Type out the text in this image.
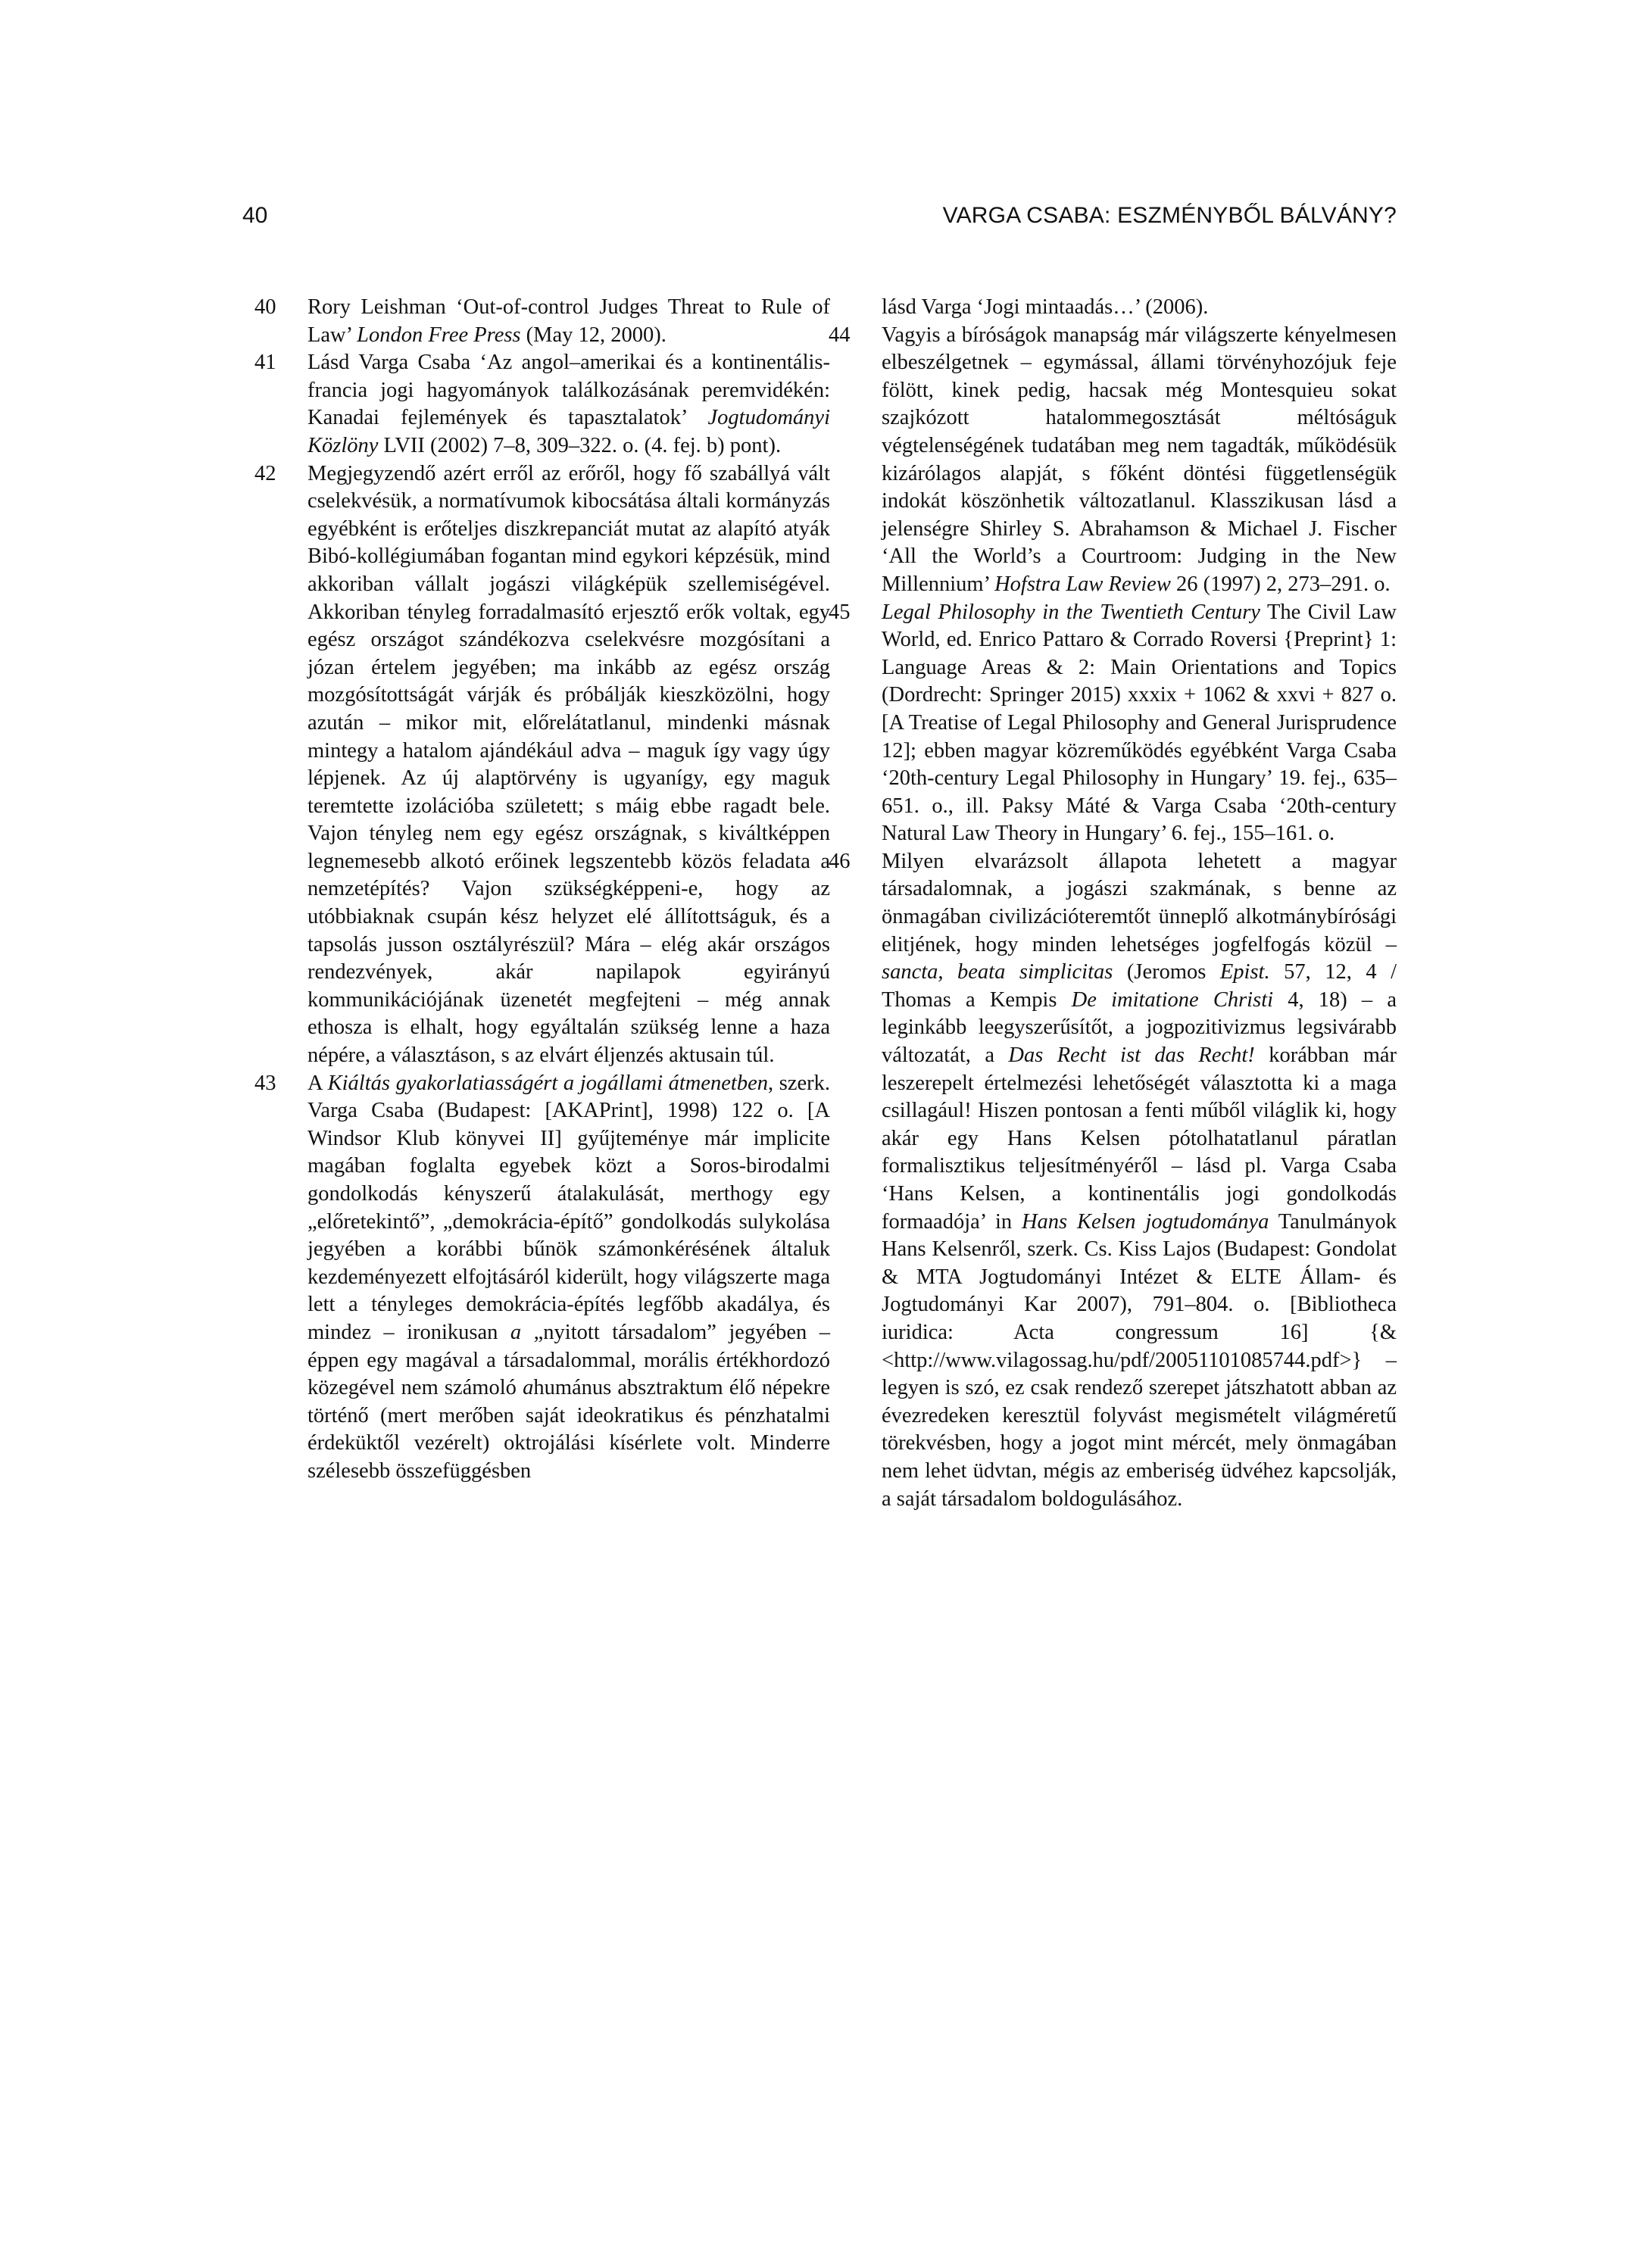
40	VARGA CSABA: ESZMÉNYBŐL BÁLVÁNY?

40	Rory Leishman ‘Out-of-control Judges Threat to Rule of Law’ London Free Press (May 12, 2000).

41	Lásd Varga Csaba ‘Az angol–amerikai és a kontinentális-francia jogi hagyományok találkozásának peremvidékén: Kanadai fejlemények és tapasztalatok’ Jogtudományi Közlöny LVII (2002) 7–8, 309–322. o. (4. fej. b) pont).

42	Megjegyzendő azért erről az erőről, hogy fő szabállyá vált cselekvésük, a normatívumok kibocsátása általi kormányzás egyébként is erőteljes diszkrepanciát mutat az alapító atyák Bibó-kollégiumában fogantan mind egykori képzésük, mind akkoriban vállalt jogászi világképük szellemiségével. Akkoriban tényleg forradalmasító erjesztő erők voltak, egy egész országot szándékozva cselekvésre mozgósítani a józan értelem jegyében; ma inkább az egész ország mozgósítottságát várják és próbálják kieszközölni, hogy azután – mikor mit, előrelátatlanul, mindenki másnak mintegy a hatalom ajándékául adva – maguk így vagy úgy lépjenek. Az új alaptörvény is ugyanígy, egy maguk teremtette izolációba született; s máig ebbe ragadt bele. Vajon tényleg nem egy egész országnak, s kiváltképpen legnemesebb alkotó erőinek legszentebb közös feladata a nemzetépítés? Vajon szükségképpeni-e, hogy az utóbbiaknak csupán kész helyzet elé állítottságuk, és a tapsolás jusson osztályrészül? Mára – elég akár országos rendezvények, akár napilapok egyirányú kommunikációjának üzenetét megfejteni – még annak ethosza is elhalt, hogy egyáltalán szükség lenne a haza népére, a választáson, s az elvárt éljenzés aktusain túl.

43	A Kiáltás gyakorlatiasságért a jogállami átmenetben, szerk. Varga Csaba (Budapest: [AKAPrint], 1998) 122 o. [A Windsor Klub könyvei II] gyűjteménye már implicite magában foglalta egyebek közt a Soros-birodalmi gondolkodás kényszerű átalakulását, merthogy egy „előretekintő”, „demokrácia-építő” gondolkodás sulykolása jegyében a korábbi bűnök számonkérésének általuk kezdeményezett elfojtásáról kiderült, hogy világszerte maga lett a tényleges demokrácia-építés legfőbb akadálya, és mindez – ironikusan a „nyitott társadalom” jegyében – éppen egy magával a társadalommal, morális értékhordozó közegével nem számoló ahumánus absztraktum élő népekre történő (mert merőben saját ideokratikus és pénzhatalmi érdeküktől vezérelt) oktrojálási kísérlete volt. Minderre szélesebb összefüggésben

lásd Varga ‘Jogi mintaadás…’ (2006).

44	Vagyis a bíróságok manapság már világszerte kényelmesen elbeszélgetnek – egymással, állami törvényhozójuk feje fölött, kinek pedig, hacsak még Montesquieu sokat szajkózott hatalommegosztását méltóságuk végtelenségének tudatában meg nem tagadták, működésük kizárólagos alapját, s főként döntési függetlenségük indokát köszönhetik változatlanul. Klasszikusan lásd a jelenségre Shirley S. Abrahamson & Michael J. Fischer ‘All the World’s a Courtroom: Judging in the New Millennium’ Hofstra Law Review 26 (1997) 2, 273–291. o.

45	Legal Philosophy in the Twentieth Century The Civil Law World, ed. Enrico Pattaro & Corrado Roversi {Preprint} 1: Language Areas & 2: Main Orientations and Topics (Dordrecht: Springer 2015) xxxix + 1062 & xxvi + 827 o. [A Treatise of Legal Philosophy and General Jurisprudence 12]; ebben magyar közreműködés egyébként Varga Csaba ‘20th-century Legal Philosophy in Hungary’ 19. fej., 635–651. o., ill. Paksy Máté & Varga Csaba ‘20th-century Natural Law Theory in Hungary’ 6. fej., 155–161. o.

46	Milyen elvarázsolt állapota lehetett a magyar társadalomnak, a jogászi szakmának, s benne az önmagában civilizációteremtőt ünneplő alkotmánybírósági elitjének, hogy minden lehetséges jogfelfogás közül – sancta, beata simplicitas (Jeromos Epist. 57, 12, 4 / Thomas a Kempis De imitatione Christi 4, 18) – a leginkább leegyszerűsítőt, a jogpozitivizmus legsivárabb változatát, a Das Recht ist das Recht! korábban már leszerepelt értelmezési lehetőségét választotta ki a maga csillagául! Hiszen pontosan a fenti műből világlik ki, hogy akár egy Hans Kelsen pótolhatatlanul páratlan formalisztikus teljesítményéről – lásd pl. Varga Csaba ‘Hans Kelsen, a kontinentális jogi gondolkodás formaadója’ in Hans Kelsen jogtudománya Tanulmányok Hans Kelsenről, szerk. Cs. Kiss Lajos (Budapest: Gondolat & MTA Jogtudományi Intézet & ELTE Állam- és Jogtudományi Kar 2007), 791–804. o. [Bibliotheca iuridica: Acta congressum 16] {& <http://www.vilagossag.hu/pdf/20051101085744.pdf>} – legyen is szó, ez csak rendező szerepet játszhatott abban az évezredeken keresztül folyvást megismételt világméretű törekvésben, hogy a jogot mint mércét, mely önmagában nem lehet üdvtan, mégis az emberiség üdvéhez kapcsolják, a saját társadalom boldogulásához.
